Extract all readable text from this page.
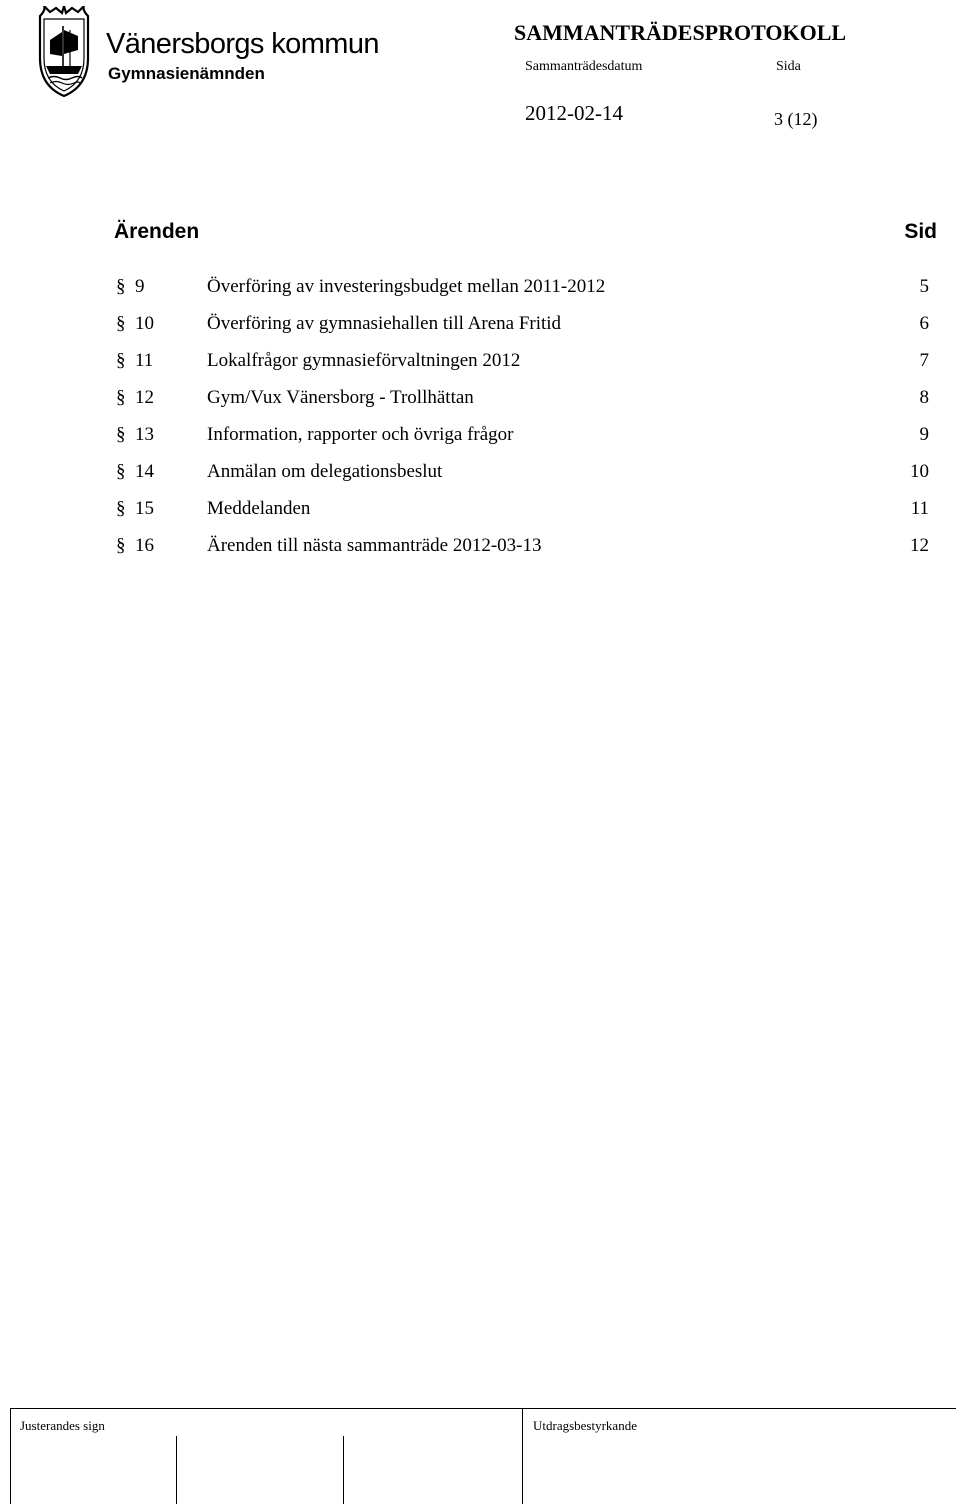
Vänersborgs kommun
Gymnasienämnden
SAMMANTRÄDESPROTOKOLL
Sammanträdesdatum	Sida
2012-02-14	3 (12)
Ärenden	Sid
§ 9	Överföring av investeringsbudget mellan 2011-2012	5
§ 10	Överföring av gymnasiehallen till Arena Fritid	6
§ 11	Lokalfrågor gymnasieförvaltningen 2012	7
§ 12	Gym/Vux Vänersborg - Trollhättan	8
§ 13	Information, rapporter och övriga frågor	9
§ 14	Anmälan om delegationsbeslut	10
§ 15	Meddelanden	11
§ 16	Ärenden till nästa sammanträde 2012-03-13	12
Justerandes sign	Utdragsbestyrkande
